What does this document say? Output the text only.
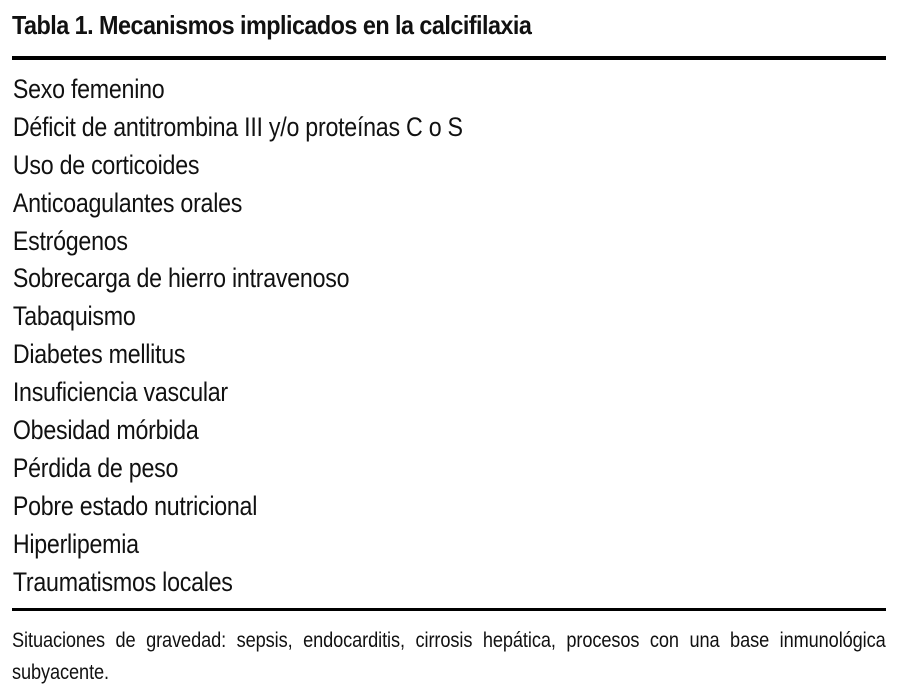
Tabla 1. Mecanismos implicados en la calcifilaxia
Sexo femenino
Déficit de antitrombina III y/o proteínas C o S
Uso de corticoides
Anticoagulantes orales
Estrógenos
Sobrecarga de hierro intravenoso
Tabaquismo
Diabetes mellitus
Insuficiencia vascular
Obesidad mórbida
Pérdida de peso
Pobre estado nutricional
Hiperlipemia
Traumatismos locales

Situaciones de gravedad: sepsis, endocarditis, cirrosis hepática, procesos con una base inmunológica subyacente.
